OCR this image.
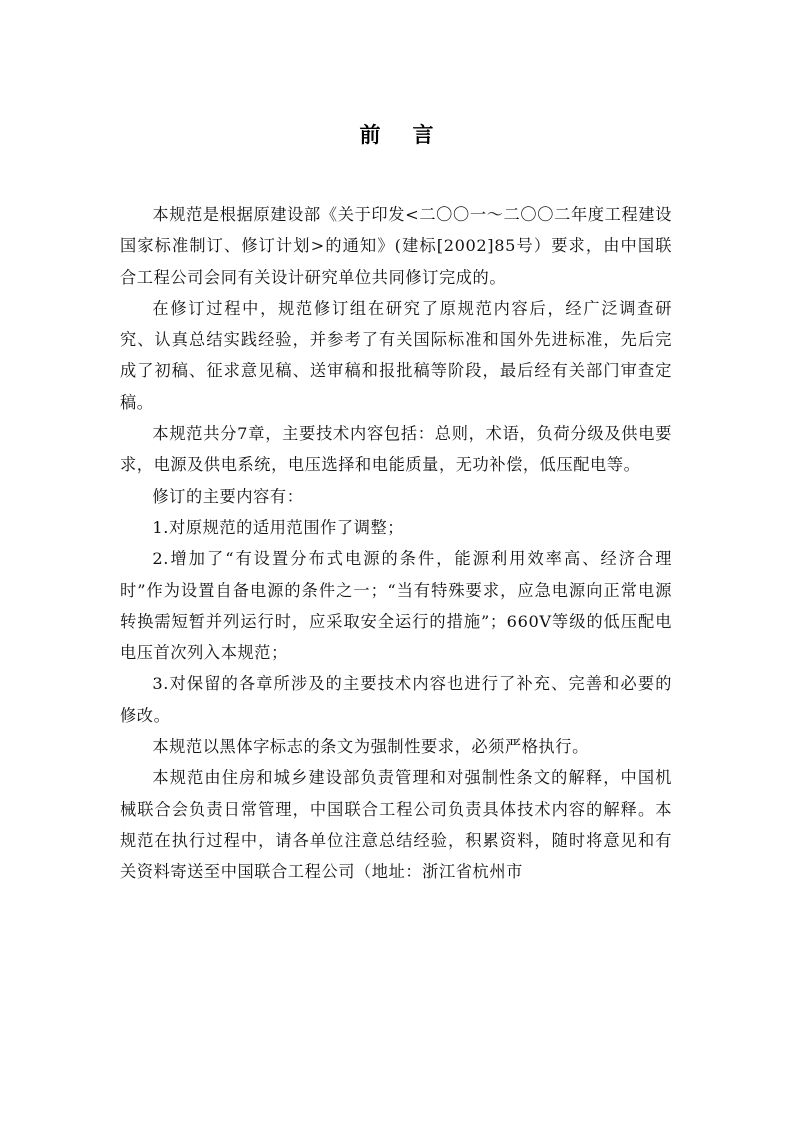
前言

本规范是根据原建设部《关于印发<二〇〇一～二〇〇二年度工程建设国家标准制订、修订计划>的通知》(建标[2002]85号）要求，由中国联合工程公司会同有关设计研究单位共同修订完成的。

在修订过程中，规范修订组在研究了原规范内容后，经广泛调查研究、认真总结实践经验，并参考了有关国际标准和国外先进标准，先后完成了初稿、征求意见稿、送审稿和报批稿等阶段，最后经有关部门审查定稿。

本规范共分7章，主要技术内容包括：总则，术语，负荷分级及供电要求，电源及供电系统，电压选择和电能质量，无功补偿，低压配电等。

修订的主要内容有：

1.对原规范的适用范围作了调整；

2.增加了“有设置分布式电源的条件，能源利用效率高、经济合理时”作为设置自备电源的条件之一；“当有特殊要求，应急电源向正常电源转换需短暂并列运行时，应采取安全运行的措施”；660V等级的低压配电电压首次列入本规范；

3.对保留的各章所涉及的主要技术内容也进行了补充、完善和必要的修改。

本规范以黑体字标志的条文为强制性要求，必须严格执行。

本规范由住房和城乡建设部负责管理和对强制性条文的解释，中国机械联合会负责日常管理，中国联合工程公司负责具体技术内容的解释。本规范在执行过程中，请各单位注意总结经验，积累资料，随时将意见和有关资料寄送至中国联合工程公司（地址：浙江省杭州市
